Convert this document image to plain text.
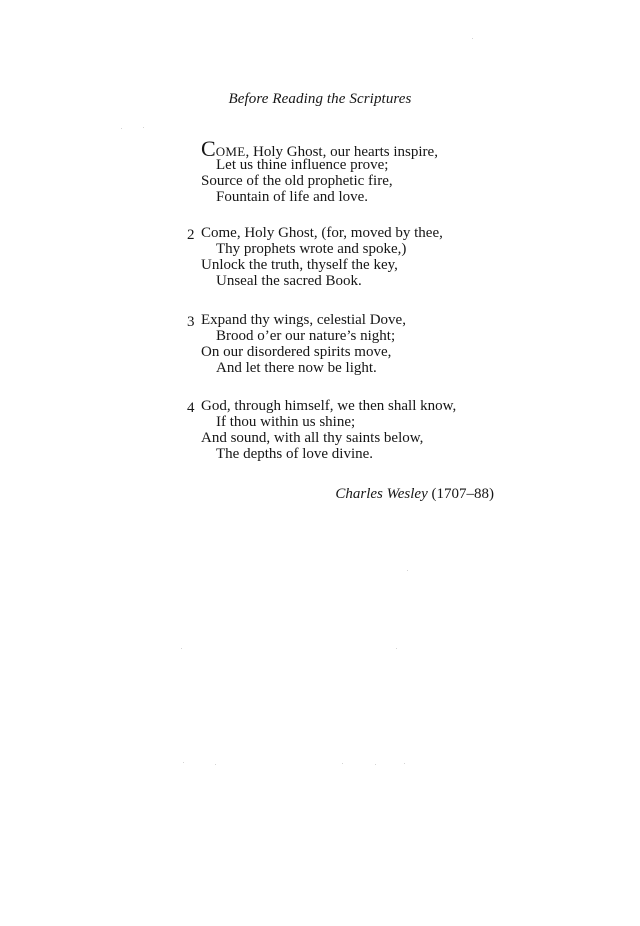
Before Reading the Scriptures
COME, Holy Ghost, our hearts inspire,
Let us thine influence prove;
Source of the old prophetic fire,
Fountain of life and love.
2 Come, Holy Ghost, (for, moved by thee,
Thy prophets wrote and spoke,)
Unlock the truth, thyself the key,
Unseal the sacred Book.
3 Expand thy wings, celestial Dove,
Brood o’er our nature’s night;
On our disordered spirits move,
And let there now be light.
4 God, through himself, we then shall know,
If thou within us shine;
And sound, with all thy saints below,
The depths of love divine.
Charles Wesley (1707–88)
